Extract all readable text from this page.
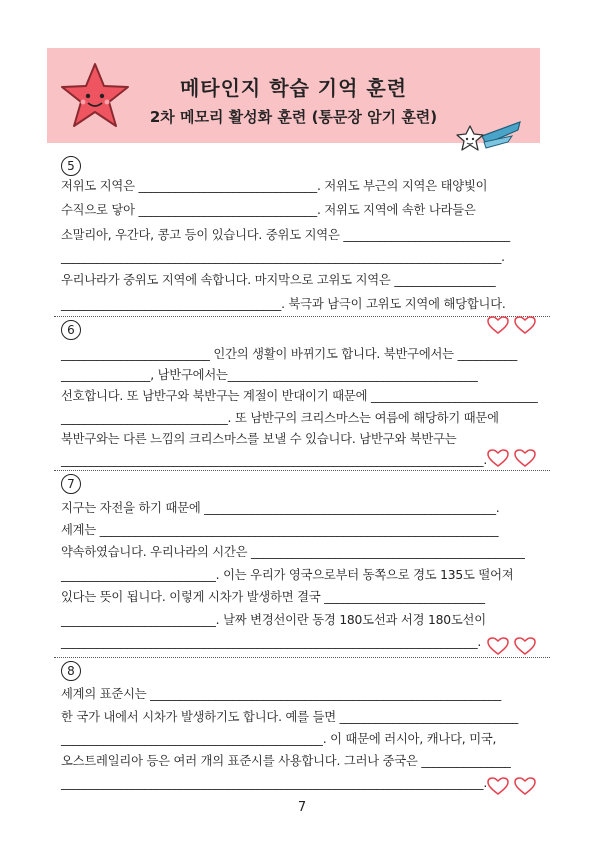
메타인지 학습 기억 훈련
2차 메모리 활성화 훈련 (통문장 암기 훈련)
5
저위도 지역은 ______________________________. 저위도 부근의 지역은 태양빛이
수직으로 닿아 ______________________________. 저위도 지역에 속한 나라들은
소말리아, 우간다, 콩고 등이 있습니다. 중위도 지역은 ____________________________
__________________________________________________________________________.
우리나라가 중위도 지역에 속합니다. 마지막으로 고위도 지역은 _________________
_____________________________________. 북극과 남극이 고위도 지역에 해당합니다.
6
_________________________ 인간의 생활이 바뀌기도 합니다. 북반구에서는 __________
_______________, 남반구에서는__________________________________________
선호합니다. 또 남반구와 북반구는 계절이 반대이기 때문에 ____________________________
____________________________. 또 남반구의 크리스마스는 여름에 해당하기 때문에
북반구와는 다른 느낌의 크리스마스를 보낼 수 있습니다. 남반구와 북반구는
_______________________________________________________________________.
7
지구는 자전을 하기 때문에 _________________________________________________.
세계는 ___________________________________________________________________
약속하였습니다. 우리나라의 시간은 ______________________________________________
__________________________. 이는 우리가 영국으로부터 동쪽으로 경도 135도 떨어져
있다는 뜻이 됩니다. 이렇게 시차가 발생하면 결국 ___________________________
__________________________. 날짜 변경선이란 동경 180도선과 서경 180도선이
______________________________________________________________________.
8
세계의 표준시는 ___________________________________________________________
한 국가 내에서 시차가 발생하기도 합니다. 예를 들면 ______________________________
____________________________________________. 이 때문에 러시아, 캐나다, 미국,
오스트레일리아 등은 여러 개의 표준시를 사용합니다. 그러나 중국은 _______________
_______________________________________________________________________.
7
